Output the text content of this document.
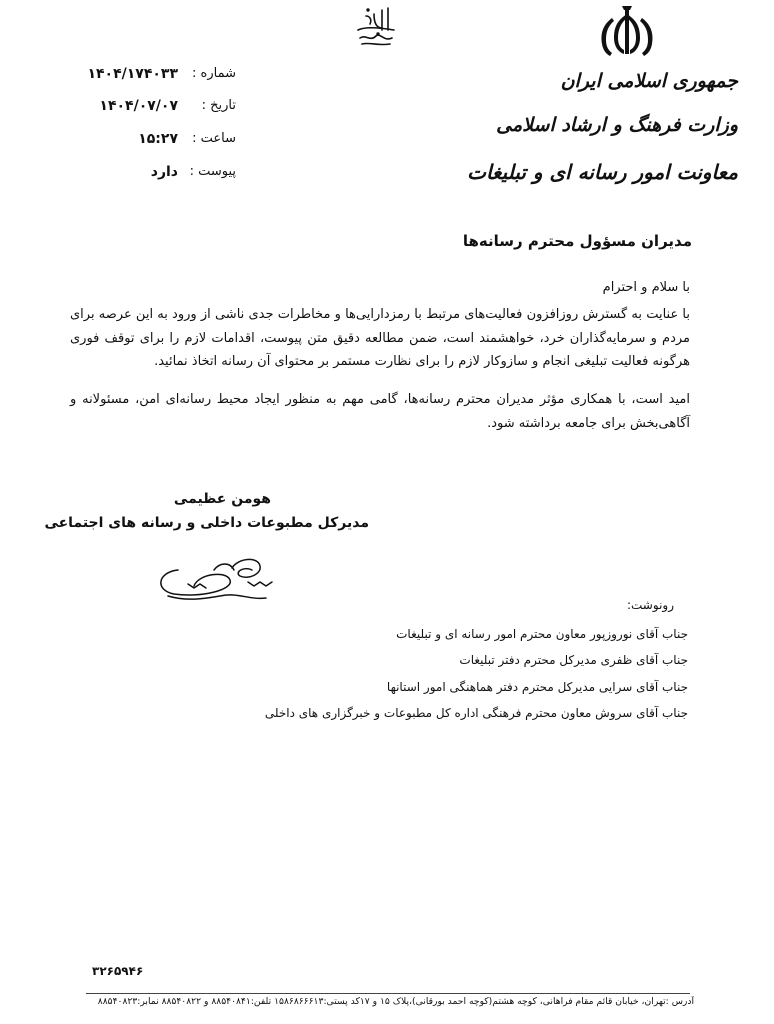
جمهوری اسلامی ایران
وزارت فرهنگ و ارشاد اسلامی
معاونت امور رسانه ای و تبلیغات
شماره :
۱۴۰۴/۱۷۴۰۳۳
تاریخ :
۱۴۰۴/۰۷/۰۷
ساعت :
۱۵:۲۷
پیوست :
دارد
مدیران مسؤول محترم رسانه‌ها
با سلام و احترام
با عنایت به گسترش روزافزون فعالیت‌های مرتبط با رمزدارایی‌ها و مخاطرات جدی ناشی از ورود به این عرصه برای مردم و سرمایه‌گذاران خرد، خواهشمند است، ضمن مطالعه دقیق متن پیوست، اقدامات لازم را برای توقف فوری هرگونه فعالیت تبلیغی انجام و سازوکار لازم را برای نظارت مستمر بر محتوای آن رسانه اتخاذ نمائید.
امید است، با همکاری مؤثر مدیران محترم رسانه‌ها، گامی مهم به منظور ایجاد محیط رسانه‌ای امن، مسئولانه و آگاهی‌بخش برای جامعه برداشته شود.
هومن عظیمی
مدیرکل مطبوعات داخلی و رسانه های اجتماعی
رونوشت:
جناب آقای نوروزپور معاون محترم امور رسانه ای و تبلیغات
جناب آقای ظفری مدیرکل محترم دفتر تبلیغات
جناب آقای سرایی مدیرکل محترم دفتر هماهنگی امور استانها
جناب آقای سروش معاون محترم فرهنگی اداره کل مطبوعات و خبرگزاری های داخلی
۳۲۶۵۹۴۶
آدرس :تهران، خیابان قائم مقام فراهانی، کوچه هشتم(کوچه احمد بورقانی)،پلاک ۱۵ و ۱۷کد پستی:۱۵۸۶۸۶۶۶۱۳ تلفن:۸۸۵۴۰۸۴۱ و ۸۸۵۴۰۸۲۲ نمابر:۸۸۵۴۰۸۲۳
